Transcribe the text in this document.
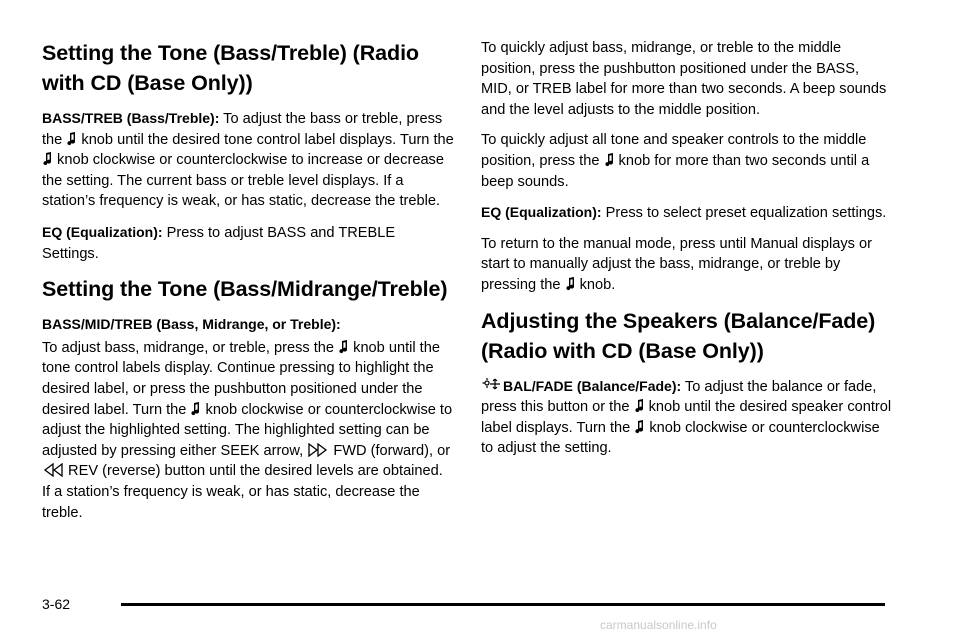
Setting the Tone (Bass/Treble) (Radio with CD (Base Only))

BASS/TREB (Bass/Treble): To adjust the bass or treble, press the  knob until the desired tone control label displays. Turn the  knob clockwise or counterclockwise to increase or decrease the setting. The current bass or treble level displays. If a station’s frequency is weak, or has static, decrease the treble.

EQ (Equalization): Press to adjust BASS and TREBLE Settings.

Setting the Tone (Bass/Midrange/Treble)

BASS/MID/TREB (Bass, Midrange, or Treble):

To adjust bass, midrange, or treble, press the  knob until the tone control labels display. Continue pressing to highlight the desired label, or press the pushbutton positioned under the desired label. Turn the  knob clockwise or counterclockwise to adjust the highlighted setting. The highlighted setting can be adjusted by pressing either SEEK arrow,  FWD (forward), or  REV (reverse) button until the desired levels are obtained. If a station’s frequency is weak, or has static, decrease the treble.

To quickly adjust bass, midrange, or treble to the middle position, press the pushbutton positioned under the BASS, MID, or TREB label for more than two seconds. A beep sounds and the level adjusts to the middle position.

To quickly adjust all tone and speaker controls to the middle position, press the  knob for more than two seconds until a beep sounds.

EQ (Equalization): Press to select preset equalization settings.

To return to the manual mode, press until Manual displays or start to manually adjust the bass, midrange, or treble by pressing the  knob.

Adjusting the Speakers (Balance/Fade) (Radio with CD (Base Only))

BAL/FADE (Balance/Fade): To adjust the balance or fade, press this button or the  knob until the desired speaker control label displays. Turn the  knob clockwise or counterclockwise to adjust the setting.

3-62
carmanualsonline.info
